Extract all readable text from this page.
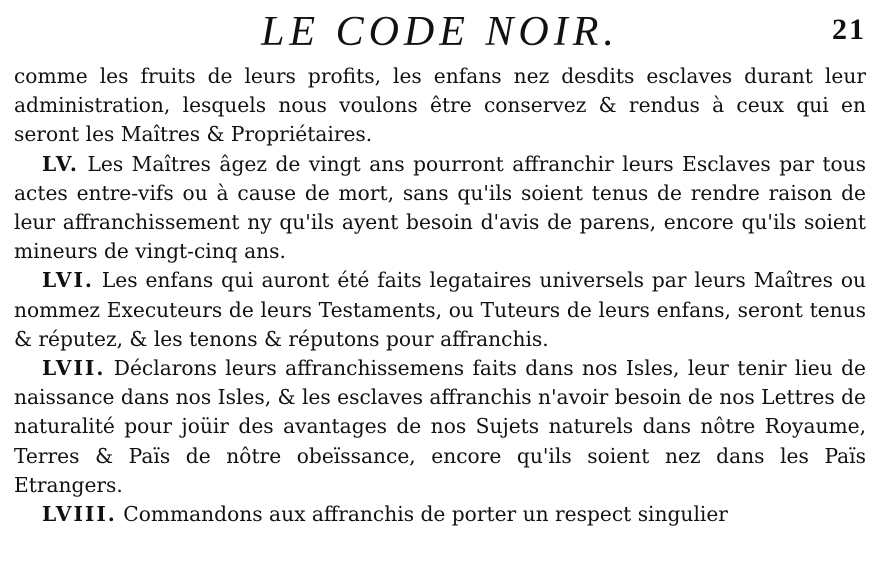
LE CODE NOIR.	21

comme les fruits de leurs profits, les enfans nez desdits esclaves durant leur administration, lesquels nous voulons être conservez & rendus à ceux qui en seront les Maîtres & Propriétaires.

LV. Les Maîtres âgez de vingt ans pourront affranchir leurs Esclaves par tous actes entre-vifs ou à cause de mort, sans qu'ils soient tenus de rendre raison de leur affranchissement ny qu'ils ayent besoin d'avis de parens, encore qu'ils soient mineurs de vingt-cinq ans.

LVI. Les enfans qui auront été faits legataires universels par leurs Maîtres ou nommez Executeurs de leurs Testaments, ou Tuteurs de leurs enfans, seront tenus & réputez, & les tenons & réputons pour affranchis.

LVII. Déclarons leurs affranchissemens faits dans nos Isles, leur tenir lieu de naissance dans nos Isles, & les esclaves affranchis n'avoir besoin de nos Lettres de naturalité pour joüir des avantages de nos Sujets naturels dans nôtre Royaume, Terres & Païs de nôtre obeïssance, encore qu'ils soient nez dans les Païs Etrangers.

LVIII. Commandons aux affranchis de porter un respect singulier
